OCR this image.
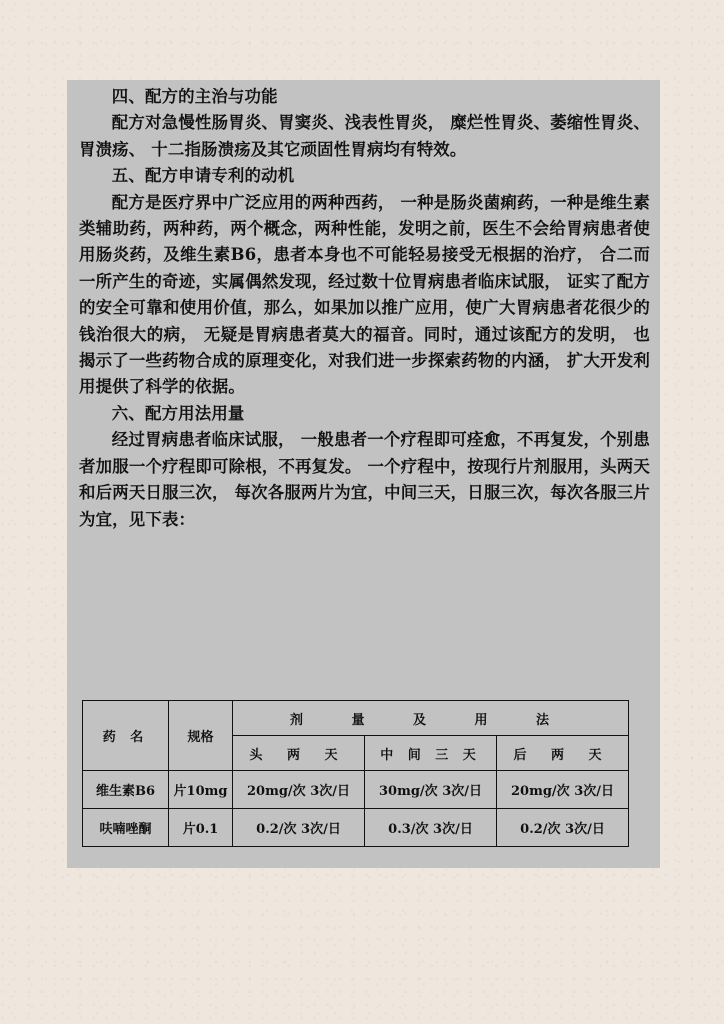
四、配方的主治与功能

配方对急慢性肠胃炎、胃窦炎、浅表性胃炎， 糜烂性胃炎、萎缩性胃炎、胃溃疡、 十二指肠溃疡及其它顽固性胃病均有特效。

五、配方申请专利的动机

配方是医疗界中广泛应用的两种西药， 一种是肠炎菌痢药，一种是维生素类辅助药，两种药，两个概念，两种性能，发明之前，医生不会给胃病患者使用肠炎药，及维生素B6，患者本身也不可能轻易接受无根据的治疗， 合二而一所产生的奇迹，实属偶然发现，经过数十位胃病患者临床试服， 证实了配方的安全可靠和使用价值，那么，如果加以推广应用，使广大胃病患者花很少的钱治很大的病， 无疑是胃病患者莫大的福音。同时，通过该配方的发明， 也揭示了一些药物合成的原理变化，对我们进一步探索药物的内涵， 扩大开发利用提供了科学的依据。

六、配方用法用量

经过胃病患者临床试服， 一般患者一个疗程即可痊愈，不再复发，个别患者加服一个疗程即可除根，不再复发。 一个疗程中，按现行片剂服用，头两天和后两天日服三次， 每次各服两片为宜，中间三天，日服三次，每次各服三片为宜，见下表：

药 名	规格	剂 量 及 用 法		
		头 两 天	中 间 三 天	后 两 天
维生素B6	片10mg	20mg/次 3次/日	30mg/次 3次/日	20mg/次 3次/日
呋喃唑酮	片0.1	0.2/次 3次/日	0.3/次 3次/日	0.2/次 3次/日
